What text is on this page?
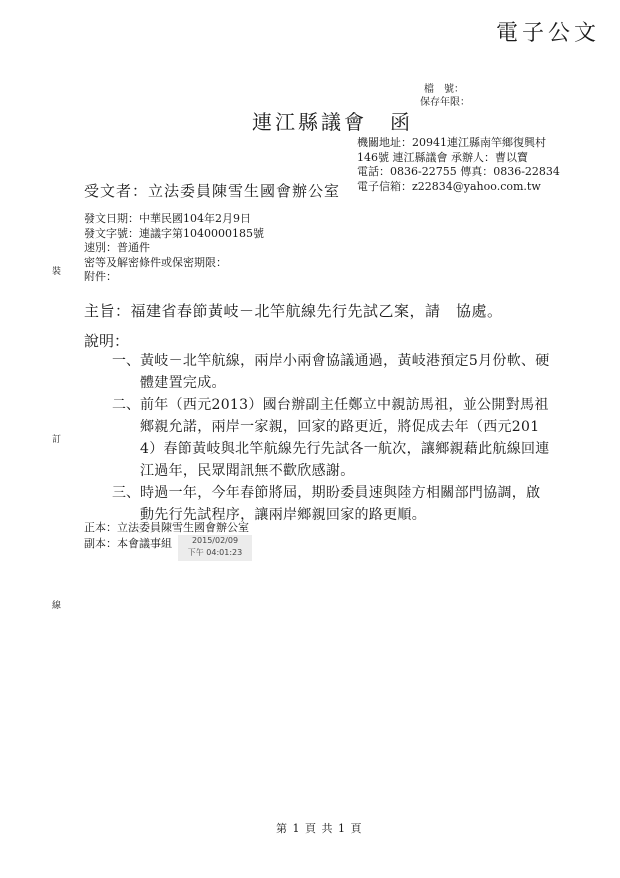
電子公文
檔　號：
保存年限：
連江縣議會　函
機關地址：20941連江縣南竿鄉復興村
146號 連江縣議會 承辦人：曹以寶
電話：0836-22755 傳真：0836-22834
電子信箱：z22834@yahoo.com.tw
受文者：立法委員陳雪生國會辦公室
發文日期：中華民國104年2月9日
發文字號：連議字第1040000185號
速別：普通件
密等及解密條件或保密期限：
附件：
主旨：福建省春節黃岐－北竿航線先行先試乙案，請　協處。
說明：
一、 黃岐－北竿航線，兩岸小兩會協議通過，黃岐港預定5月份軟、硬體建置完成。
二、 前年（西元2013）國台辦副主任鄭立中親訪馬祖，並公開對馬祖鄉親允諾，兩岸一家親，回家的路更近，將促成去年（西元2014）春節黃岐與北竿航線先行先試各一航次，讓鄉親藉此航線回連江過年，民眾聞訊無不歡欣感謝。
三、 時過一年，今年春節將屆，期盼委員速與陸方相關部門協調，啟動先行先試程序，讓兩岸鄉親回家的路更順。
正本：立法委員陳雪生國會辦公室
副本：本會議事組	2015/02/09
下午 04:01:23
裝
訂
線
第 1 頁 共 1 頁
